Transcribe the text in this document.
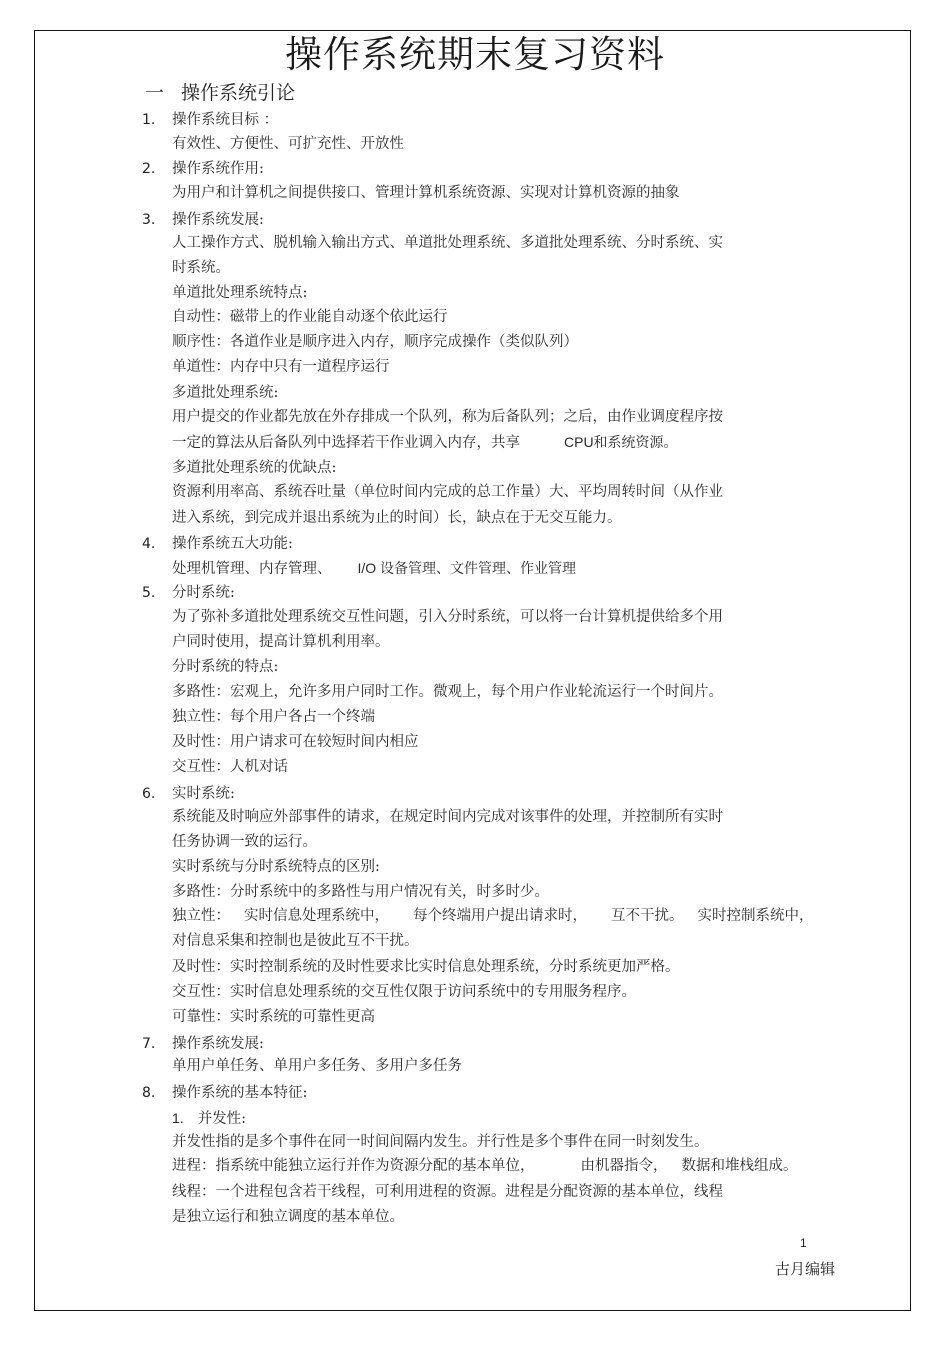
操作系统期末复习资料
一 操作系统引论
1. 操作系统目标 ：
有效性、方便性、可扩充性、开放性
2. 操作系统作用:
为用户和计算机之间提供接口、管理计算机系统资源、实现对计算机资源的抽象
3. 操作系统发展:
人工操作方式、脱机输入输出方式、单道批处理系统、多道批处理系统、分时系统、实
时系统。
单道批处理系统特点:
自动性：磁带上的作业能自动逐个依此运行
顺序性：各道作业是顺序进入内存，顺序完成操作（类似队列）
单道性：内存中只有一道程序运行
多道批处理系统:
用户提交的作业都先放在外存排成一个队列，称为后备队列；之后，由作业调度程序按
一定的算法从后备队列中选择若干作业调入内存，共享	CPU和系统资源。
多道批处理系统的优缺点:
资源利用率高、系统吞吐量（单位时间内完成的总工作量）大、平均周转时间（从作业
进入系统，到完成并退出系统为止的时间）长，缺点在于无交互能力。
4. 操作系统五大功能:
处理机管理、内存管理、 I/O 设备管理、文件管理、作业管理
5. 分时系统:
为了弥补多道批处理系统交互性问题，引入分时系统，可以将一台计算机提供给多个用
户同时使用，提高计算机利用率。
分时系统的特点:
多路性：宏观上，允许多用户同时工作。微观上，每个用户作业轮流运行一个时间片。
独立性：每个用户各占一个终端
及时性：用户请求可在较短时间内相应
交互性：人机对话
6. 实时系统:
系统能及时响应外部事件的请求，在规定时间内完成对该事件的处理，并控制所有实时
任务协调一致的运行。
实时系统与分时系统特点的区别:
多路性：分时系统中的多路性与用户情况有关，时多时少。
独立性： 实时信息处理系统中， 每个终端用户提出请求时， 互不干扰。 实时控制系统中，
对信息采集和控制也是彼此互不干扰。
及时性：实时控制系统的及时性要求比实时信息处理系统，分时系统更加严格。
交互性：实时信息处理系统的交互性仅限于访问系统中的专用服务程序。
可靠性：实时系统的可靠性更高
7. 操作系统发展:
单用户单任务、单用户多任务、多用户多任务
8. 操作系统的基本特征:
1. 并发性:
并发性指的是多个事件在同一时间间隔内发生。并行性是多个事件在同一时刻发生。
进程：指系统中能独立运行并作为资源分配的基本单位，	由机器指令， 数据和堆栈组成。
线程：一个进程包含若干线程，可利用进程的资源。进程是分配资源的基本单位，线程
是独立运行和独立调度的基本单位。
1
古月编辑
